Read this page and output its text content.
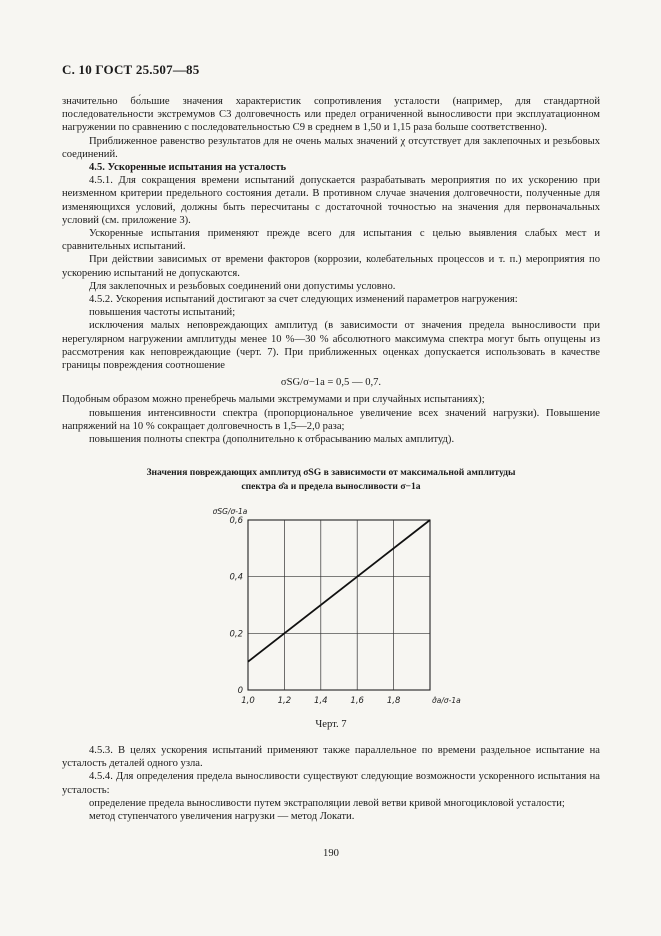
С. 10 ГОСТ 25.507—85

значительно бо́льшие значения характеристик сопротивления усталости (например, для стандартной последовательности экстремумов С3 долговечность или предел ограниченной выносливости при эксплуатационном нагружении по сравнению с последовательностью С9 в среднем в 1,50 и 1,15 раза больше соответственно).

Приближенное равенство результатов для не очень малых значений χ отсутствует для заклепочных и резьбовых соединений.

4.5. Ускоренные испытания на усталость

4.5.1. Для сокращения времени испытаний допускается разрабатывать мероприятия по их ускорению при неизменном критерии предельного состояния детали. В противном случае значения долговечности, полученные для изменяющихся условий, должны быть пересчитаны с достаточной точностью на значения для первоначальных условий (см. приложение 3).

Ускоренные испытания применяют прежде всего для испытания с целью выявления слабых мест и сравнительных испытаний.

При действии зависимых от времени факторов (коррозии, колебательных процессов и т. п.) мероприятия по ускорению испытаний не допускаются.

Для заклепочных и резьбовых соединений они допустимы условно.

4.5.2. Ускорения испытаний достигают за счет следующих изменений параметров нагружения:

повышения частоты испытаний;

исключения малых неповреждающих амплитуд (в зависимости от значения предела выносливости при нерегулярном нагружении амплитуды менее 10 %—30 % абсолютного максимума спектра могут быть опущены из рассмотрения как неповреждающие (черт. 7). При приближенных оценках допускается использовать в качестве границы повреждения соотношение

σSG/σ−1a = 0,5 — 0,7.

Подобным образом можно пренебречь малыми экстремумами и при случайных испытаниях);

повышения интенсивности спектра (пропорциональное увеличение всех значений нагрузки). Повышение напряжений на 10 % сокращает долговечность в 1,5—2,0 раза;

повышения полноты спектра (дополнительно к отбрасыванию малых амплитуд).

Значения повреждающих амплитуд σSG в зависимости от максимальной амплитуды
спектра σ̂a и предела выносливости σ−1a
1,0	1,2	1,4	1,6	1,8
0
0,2
0,4
0,6
σSG/σ-1a
σ̂a/σ-1a
Черт. 7

4.5.3. В целях ускорения испытаний применяют также параллельное по времени раздельное испытание на усталость деталей одного узла.

4.5.4. Для определения предела выносливости существуют следующие возможности ускоренного испытания на усталость:

определение предела выносливости путем экстраполяции левой ветви кривой многоцикловой усталости;

метод ступенчатого увеличения нагрузки — метод Локати.

190
